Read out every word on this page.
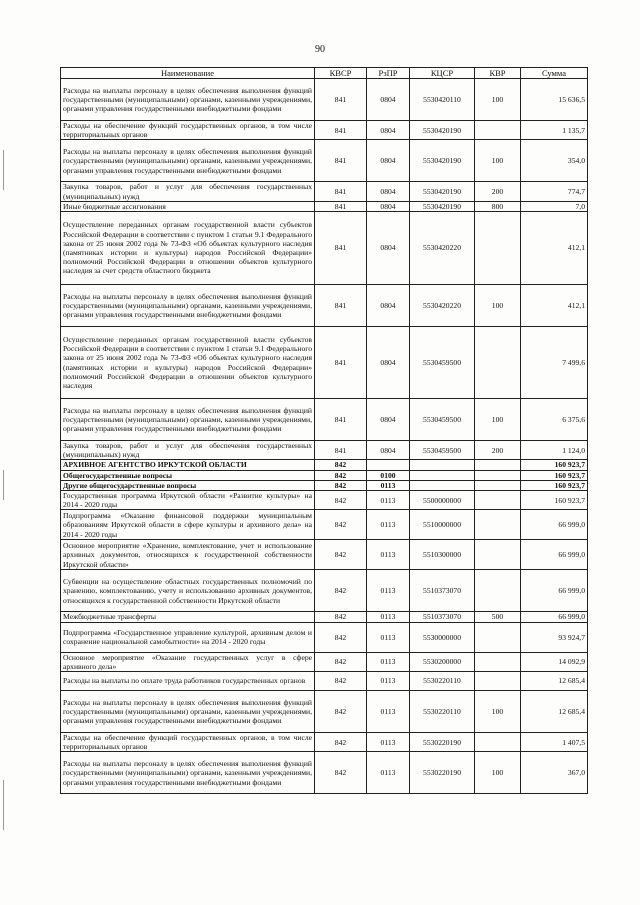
90
Наименование	КВСР	РзПР	КЦСР	КВР	Сумма
Расходы на выплаты персоналу в целях обеспечения выполнения функций государственными (муниципальными) органами, казенными учреждениями, органами управления государственными внебюджетными фондами	841	0804	5530420110	100	15 636,5
Расходы на обеспечение функций государственных органов, в том числе территориальных органов	841	0804	5530420190		1 135,7
Расходы на выплаты персоналу в целях обеспечения выполнения функций государственными (муниципальными) органами, казенными учреждениями, органами управления государственными внебюджетными фондами	841	0804	5530420190	100	354,0
Закупка товаров, работ и услуг для обеспечения государственных (муниципальных) нужд	841	0804	5530420190	200	774,7
Иные бюджетные ассигнования	841	0804	5530420190	800	7,0
Осуществление переданных органам государственной власти субъектов Российской Федерации в соответствии с пунктом 1 статьи 9.1 Федерального закона от 25 июня 2002 года № 73-ФЗ «Об объектах культурного наследия (памятниках истории и культуры) народов Российской Федерации» полномочий Российской Федерации в отношении объектов культурного наследия за счет средств областного бюджета	841	0804	5530420220		412,1
Расходы на выплаты персоналу в целях обеспечения выполнения функций государственными (муниципальными) органами, казенными учреждениями, органами управления государственными внебюджетными фондами	841	0804	5530420220	100	412,1
Осуществление переданных органам государственной власти субъектов Российской Федерации в соответствии с пунктом 1 статьи 9.1 Федерального закона от 25 июня 2002 года № 73-ФЗ «Об объектах культурного наследия (памятниках истории и культуры) народов Российской Федерации» полномочий Российской Федерации в отношении объектов культурного наследия	841	0804	5530459500		7 499,6
Расходы на выплаты персоналу в целях обеспечения выполнения функций государственными (муниципальными) органами, казенными учреждениями, органами управления государственными внебюджетными фондами	841	0804	5530459500	100	6 375,6
Закупка товаров, работ и услуг для обеспечения государственных (муниципальных) нужд	841	0804	5530459500	200	1 124,0
АРХИВНОЕ АГЕНТСТВО ИРКУТСКОЙ ОБЛАСТИ	842				160 923,7
Общегосударственные вопросы	842	0100			160 923,7
Другие общегосударственные вопросы	842	0113			160 923,7
Государственная программа Иркутской области «Развитие культуры» на 2014 - 2020 годы	842	0113	5500000000		160 923,7
Подпрограмма «Оказание финансовой поддержки муниципальным образованиям Иркутской области в сфере культуры и архивного дела» на 2014 - 2020 годы	842	0113	5510000000		66 999,0
Основное мероприятие «Хранение, комплектование, учет и использование архивных документов, относящихся к государственной собственности Иркутской области»	842	0113	5510300000		66 999,0
Субвенции на осуществление областных государственных полномочий по хранению, комплектованию, учету и использованию архивных документов, относящихся к государственной собственности Иркутской области	842	0113	5510373070		66 999,0
Межбюджетные трансферты	842	0113	5510373070	500	66 999,0
Подпрограмма «Государственное управление культурой, архивным делом и сохранение национальной самобытности» на 2014 - 2020 годы	842	0113	5530000000		93 924,7
Основное мероприятие «Оказание государственных услуг в сфере архивного дела»	842	0113	5530200000		14 092,9
Расходы на выплаты по оплате труда работников государственных органов	842	0113	5530220110		12 685,4
Расходы на выплаты персоналу в целях обеспечения выполнения функций государственными (муниципальными) органами, казенными учреждениями, органами управления государственными внебюджетными фондами	842	0113	5530220110	100	12 685,4
Расходы на обеспечение функций государственных органов, в том числе территориальных органов	842	0113	5530220190		1 407,5
Расходы на выплаты персоналу в целях обеспечения выполнения функций государственными (муниципальными) органами, казенными учреждениями, органами управления государственными внебюджетными фондами	842	0113	5530220190	100	367,0
